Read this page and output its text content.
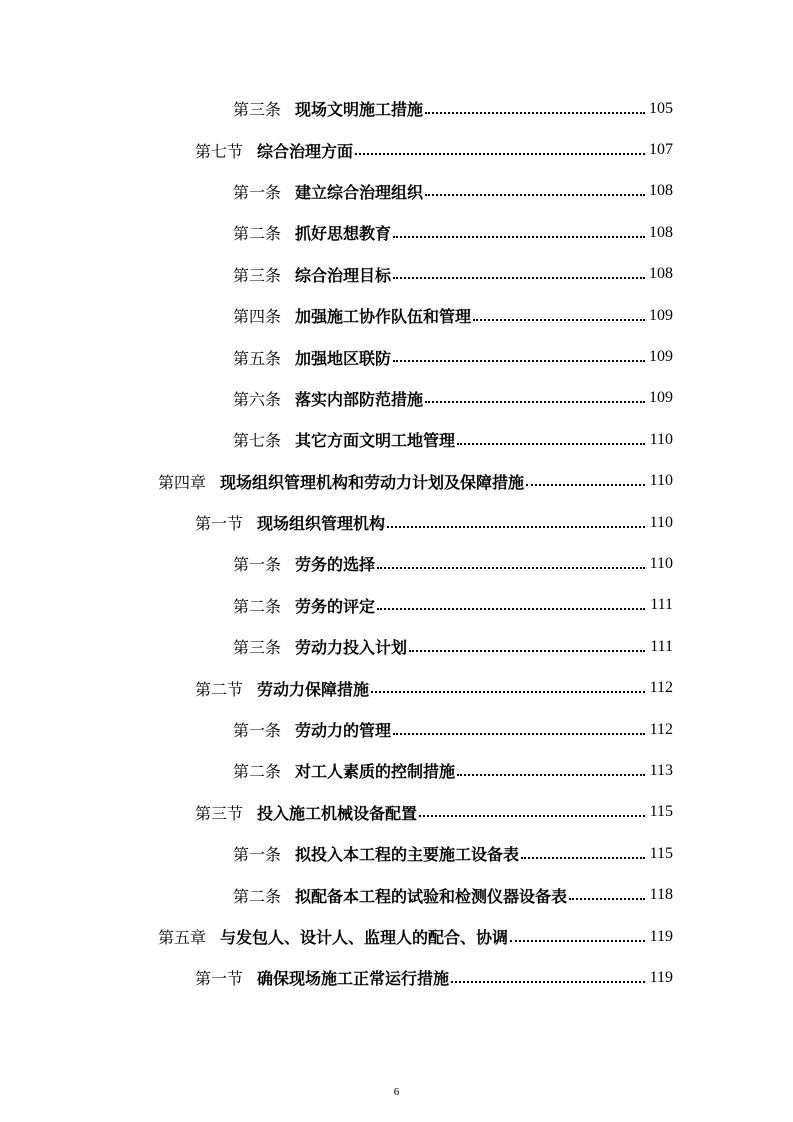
第三条 现场文明施工措施	105
第七节 综合治理方面	107
第一条 建立综合治理组织	108
第二条 抓好思想教育	108
第三条 综合治理目标	108
第四条 加强施工协作队伍和管理	109
第五条 加强地区联防	109
第六条 落实内部防范措施	109
第七条 其它方面文明工地管理	110
第四章 现场组织管理机构和劳动力计划及保障措施	110
第一节 现场组织管理机构	110
第一条 劳务的选择	110
第二条 劳务的评定	111
第三条 劳动力投入计划	111
第二节 劳动力保障措施	112
第一条 劳动力的管理	112
第二条 对工人素质的控制措施	113
第三节 投入施工机械设备配置	115
第一条 拟投入本工程的主要施工设备表	115
第二条 拟配备本工程的试验和检测仪器设备表	118
第五章 与发包人、设计人、监理人的配合、协调	119
第一节 确保现场施工正常运行措施	119
6
